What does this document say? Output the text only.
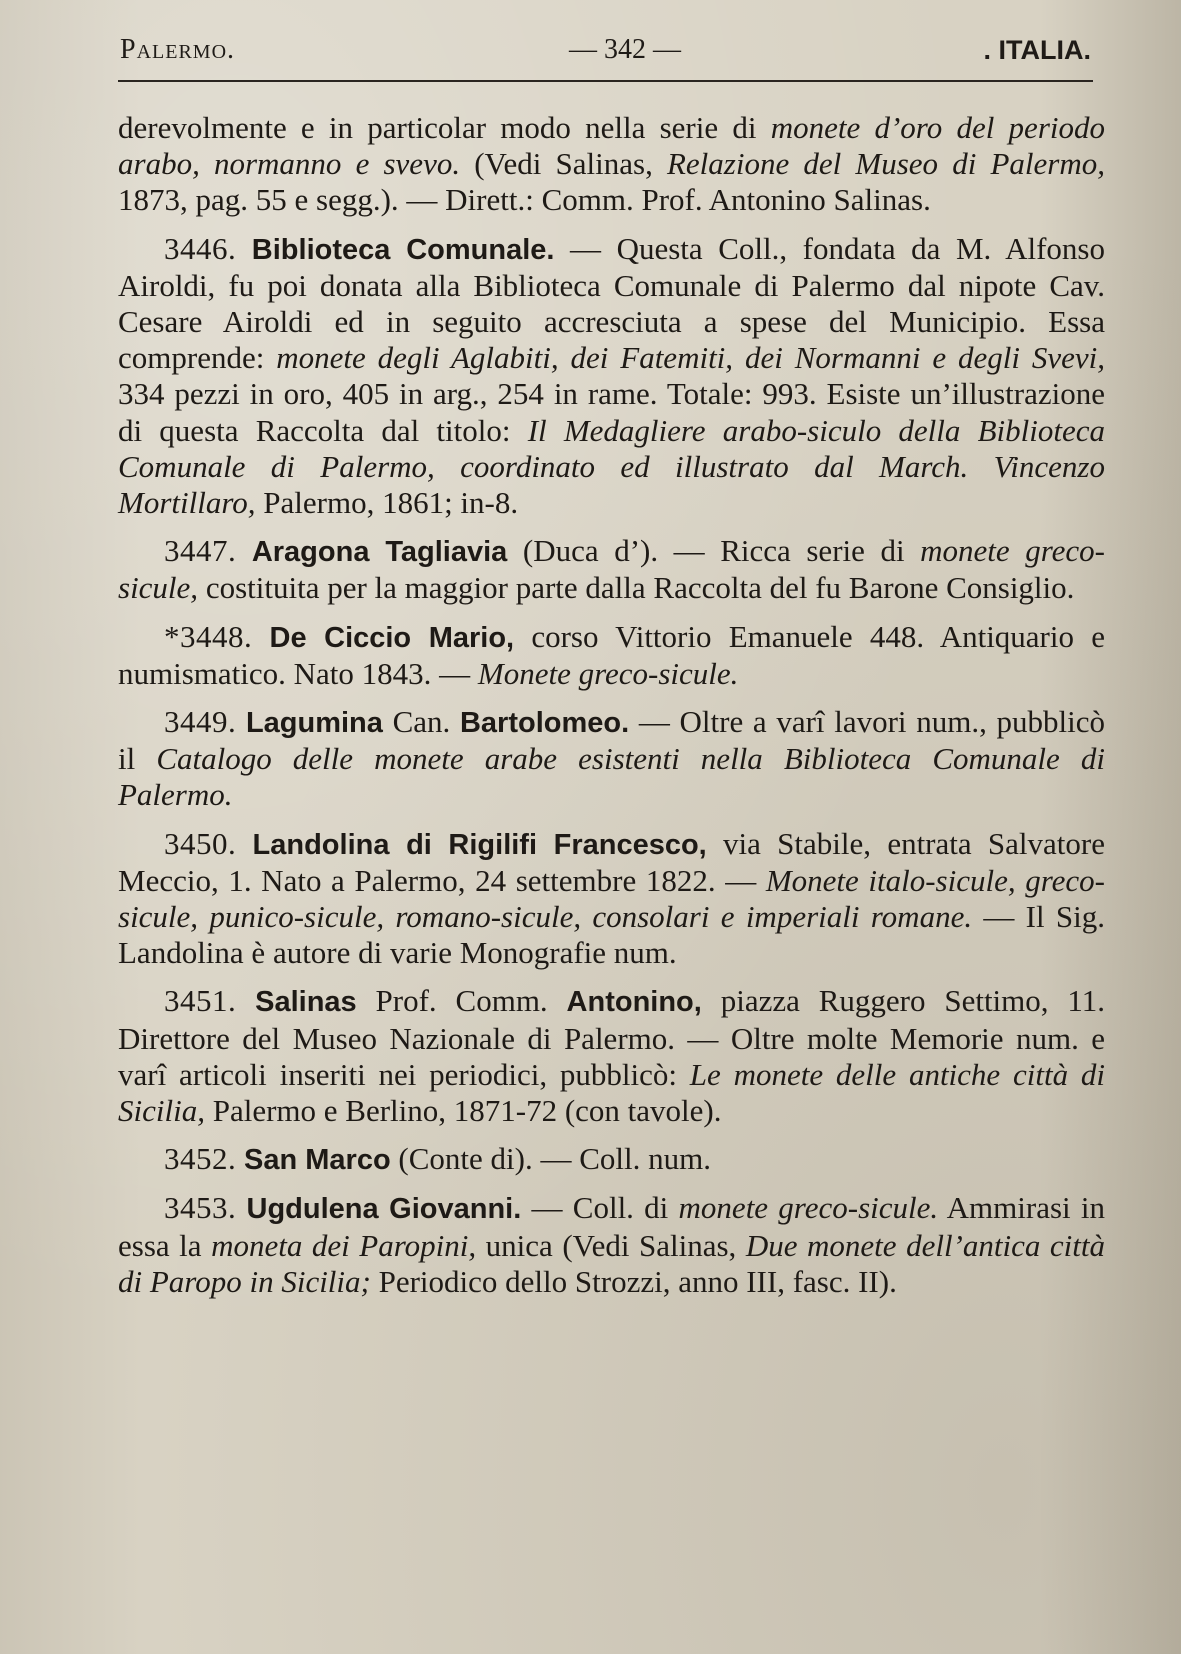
Palermo.	— 342 —	. ITALIA.

derevolmente e in particolar modo nella serie di monete d’oro del periodo arabo, normanno e svevo. (Vedi Salinas, Relazione del Museo di Palermo, 1873, pag. 55 e segg.). — Dirett.: Comm. Prof. Antonino Salinas.

3446. Biblioteca Comunale. — Questa Coll., fondata da M. Alfonso Airoldi, fu poi donata alla Biblioteca Comunale di Palermo dal nipote Cav. Cesare Airoldi ed in seguito accresciuta a spese del Municipio. Essa comprende: monete degli Aglabiti, dei Fatemiti, dei Normanni e degli Svevi, 334 pezzi in oro, 405 in arg., 254 in rame. Totale: 993. Esiste un’illustrazione di questa Raccolta dal titolo: Il Medagliere arabo-siculo della Biblioteca Comunale di Palermo, coordinato ed illustrato dal March. Vincenzo Mortillaro, Palermo, 1861; in-8.

3447. Aragona Tagliavia (Duca d’). — Ricca serie di monete greco-sicule, costituita per la maggior parte dalla Raccolta del fu Barone Consiglio.

*3448. De Ciccio Mario, corso Vittorio Emanuele 448. Antiquario e numismatico. Nato 1843. — Monete greco-sicule.

3449. Lagumina Can. Bartolomeo. — Oltre a varî lavori num., pubblicò il Catalogo delle monete arabe esistenti nella Biblioteca Comunale di Palermo.

3450. Landolina di Rigilifi Francesco, via Stabile, entrata Salvatore Meccio, 1. Nato a Palermo, 24 settembre 1822. — Monete italo-sicule, greco-sicule, punico-sicule, romano-sicule, consolari e imperiali romane. — Il Sig. Landolina è autore di varie Monografie num.

3451. Salinas Prof. Comm. Antonino, piazza Ruggero Settimo, 11. Direttore del Museo Nazionale di Palermo. — Oltre molte Memorie num. e varî articoli inseriti nei periodici, pubblicò: Le monete delle antiche città di Sicilia, Palermo e Berlino, 1871-72 (con tavole).

3452. San Marco (Conte di). — Coll. num.

3453. Ugdulena Giovanni. — Coll. di monete greco-sicule. Ammirasi in essa la moneta dei Paropini, unica (Vedi Salinas, Due monete dell’antica città di Paropo in Sicilia; Periodico dello Strozzi, anno III, fasc. II).
